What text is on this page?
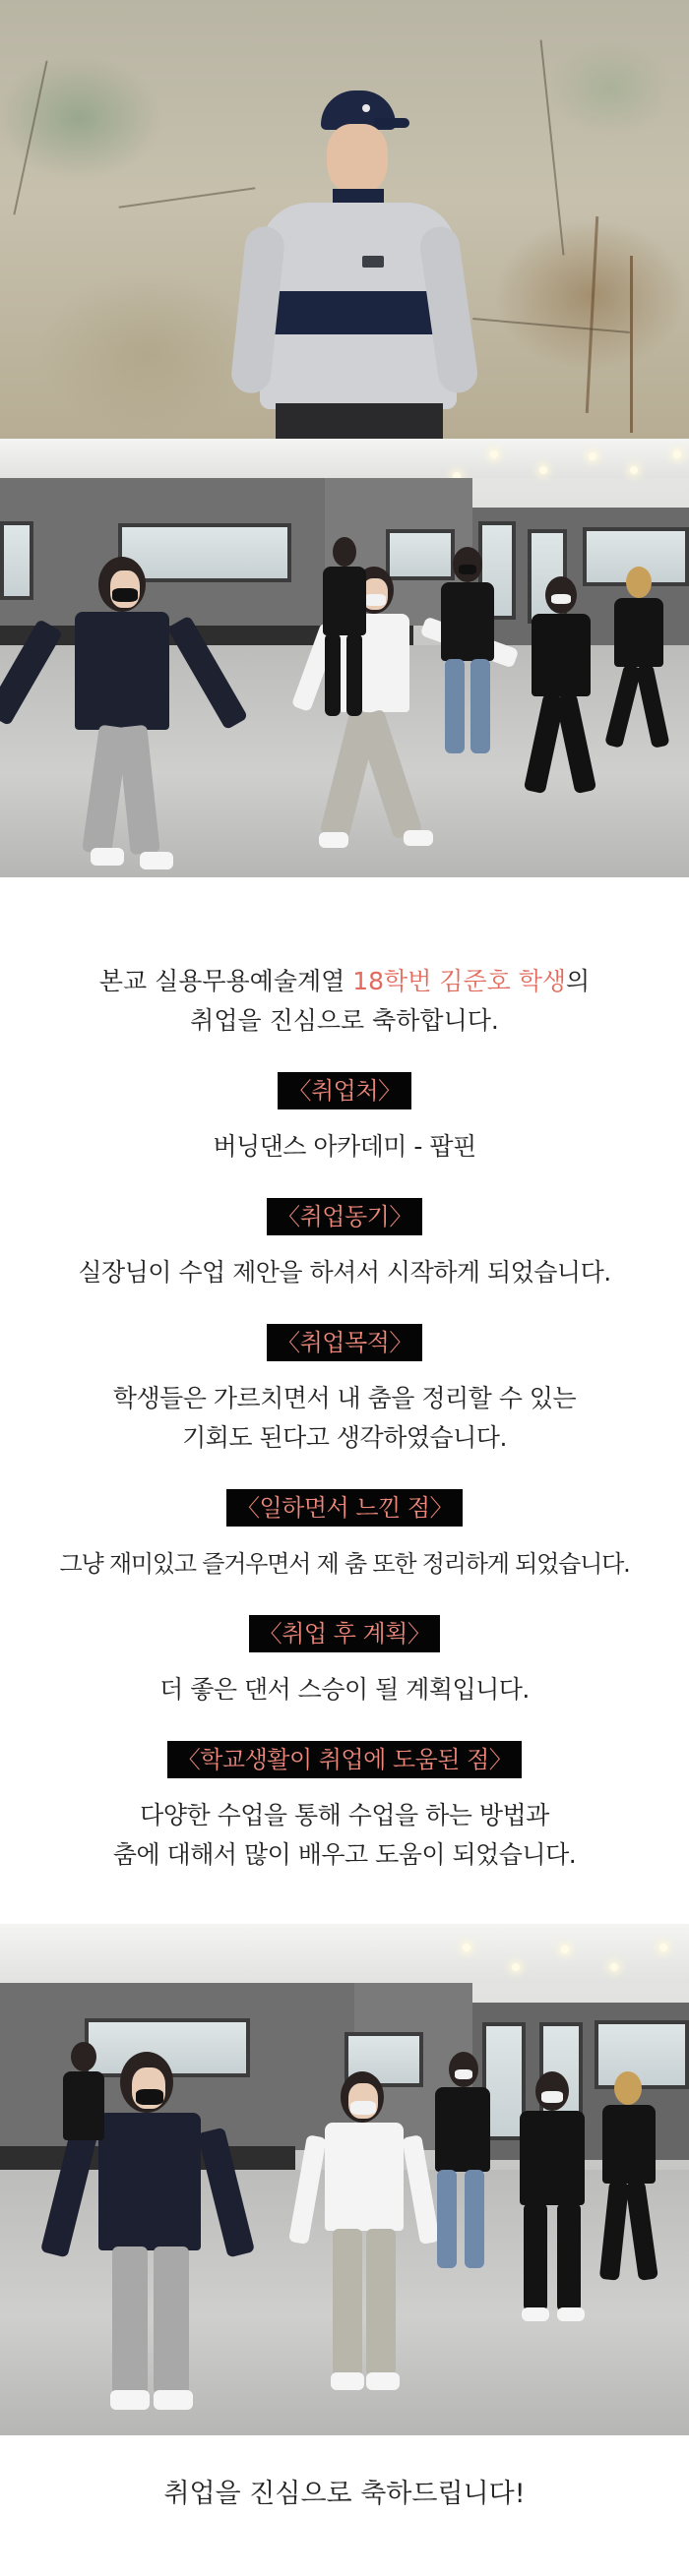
본교 실용무용예술계열 18학번 김준호 학생의
취업을 진심으로 축하합니다.

〈취업처〉

버닝댄스 아카데미 - 팝핀

〈취업동기〉

실장님이 수업 제안을 하셔서 시작하게 되었습니다.

〈취업목적〉

학생들은 가르치면서 내 춤을 정리할 수 있는
기회도 된다고 생각하였습니다.

〈일하면서 느낀 점〉

그냥 재미있고 즐거우면서 제 춤 또한 정리하게 되었습니다.

〈취업 후 계획〉

더 좋은 댄서 스승이 될 계획입니다.

〈학교생활이 취업에 도움된 점〉

다양한 수업을 통해 수업을 하는 방법과
춤에 대해서 많이 배우고 도움이 되었습니다.

취업을 진심으로 축하드립니다!
